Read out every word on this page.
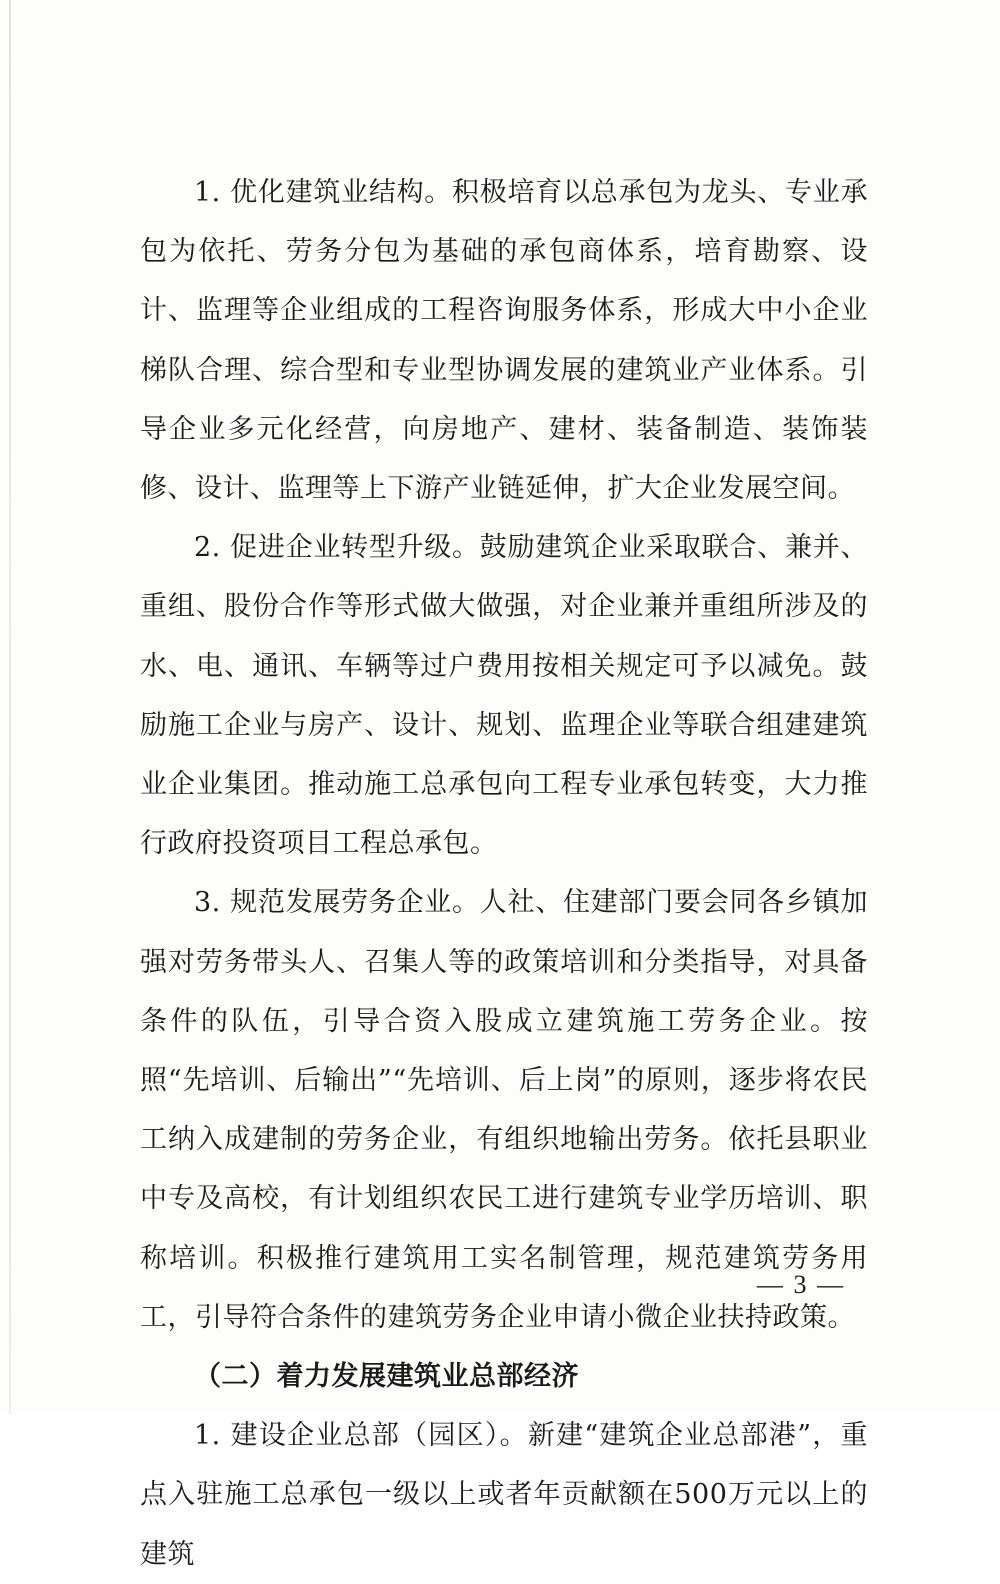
1. 优化建筑业结构。积极培育以总承包为龙头、专业承包为依托、劳务分包为基础的承包商体系，培育勘察、设计、监理等企业组成的工程咨询服务体系，形成大中小企业梯队合理、综合型和专业型协调发展的建筑业产业体系。引导企业多元化经营，向房地产、建材、装备制造、装饰装修、设计、监理等上下游产业链延伸，扩大企业发展空间。

2. 促进企业转型升级。鼓励建筑企业采取联合、兼并、重组、股份合作等形式做大做强，对企业兼并重组所涉及的水、电、通讯、车辆等过户费用按相关规定可予以减免。鼓励施工企业与房产、设计、规划、监理企业等联合组建建筑业企业集团。推动施工总承包向工程专业承包转变，大力推行政府投资项目工程总承包。

3. 规范发展劳务企业。人社、住建部门要会同各乡镇加强对劳务带头人、召集人等的政策培训和分类指导，对具备条件的队伍，引导合资入股成立建筑施工劳务企业。按照“先培训、后输出”“先培训、后上岗”的原则，逐步将农民工纳入成建制的劳务企业，有组织地输出劳务。依托县职业中专及高校，有计划组织农民工进行建筑专业学历培训、职称培训。积极推行建筑用工实名制管理，规范建筑劳务用工，引导符合条件的建筑劳务企业申请小微企业扶持政策。

（二）着力发展建筑业总部经济

1. 建设企业总部（园区）。新建“建筑企业总部港”，重点入驻施工总承包一级以上或者年贡献额在500万元以上的建筑

— 3 —
